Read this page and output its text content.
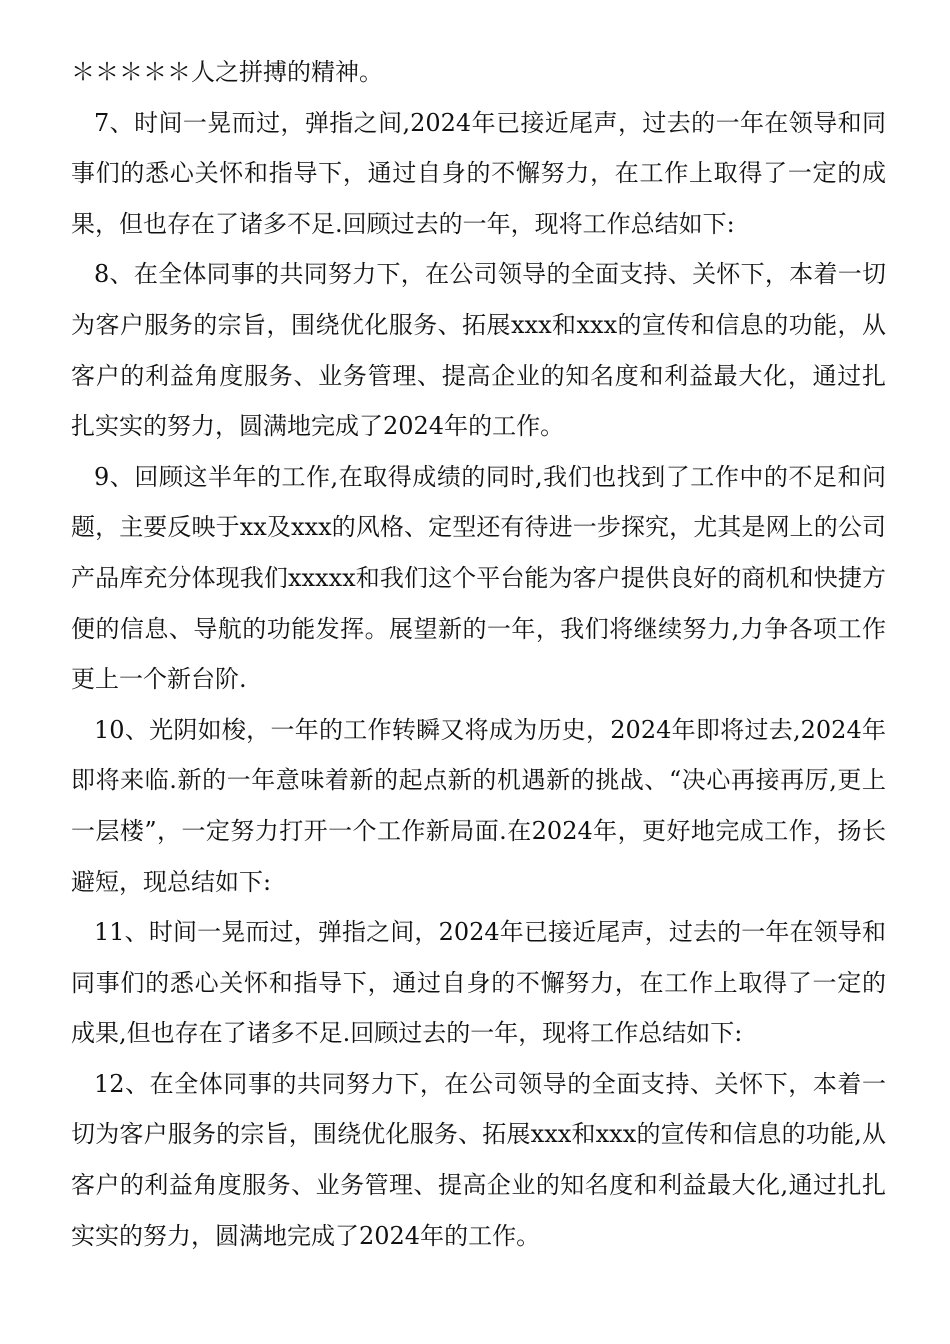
＊＊＊＊＊人之拼搏的精神。

7、时间一晃而过，弹指之间,2024年已接近尾声，过去的一年在领导和同事们的悉心关怀和指导下，通过自身的不懈努力，在工作上取得了一定的成果，但也存在了诸多不足.回顾过去的一年，现将工作总结如下:

8、在全体同事的共同努力下，在公司领导的全面支持、关怀下，本着一切为客户服务的宗旨，围绕优化服务、拓展xxx和xxx的宣传和信息的功能，从客户的利益角度服务、业务管理、提高企业的知名度和利益最大化，通过扎扎实实的努力，圆满地完成了2024年的工作。

9、回顾这半年的工作,在取得成绩的同时,我们也找到了工作中的不足和问题，主要反映于xx及xxx的风格、定型还有待进一步探究，尤其是网上的公司产品库充分体现我们xxxxx和我们这个平台能为客户提供良好的商机和快捷方便的信息、导航的功能发挥。展望新的一年，我们将继续努力,力争各项工作更上一个新台阶.

10、光阴如梭，一年的工作转瞬又将成为历史，2024年即将过去,2024年即将来临.新的一年意味着新的起点新的机遇新的挑战、“决心再接再厉,更上一层楼”，一定努力打开一个工作新局面.在2024年，更好地完成工作，扬长避短，现总结如下:

11、时间一晃而过，弹指之间，2024年已接近尾声，过去的一年在领导和同事们的悉心关怀和指导下，通过自身的不懈努力，在工作上取得了一定的成果,但也存在了诸多不足.回顾过去的一年，现将工作总结如下:

12、在全体同事的共同努力下，在公司领导的全面支持、关怀下，本着一切为客户服务的宗旨，围绕优化服务、拓展xxx和xxx的宣传和信息的功能,从客户的利益角度服务、业务管理、提高企业的知名度和利益最大化,通过扎扎实实的努力，圆满地完成了2024年的工作。
